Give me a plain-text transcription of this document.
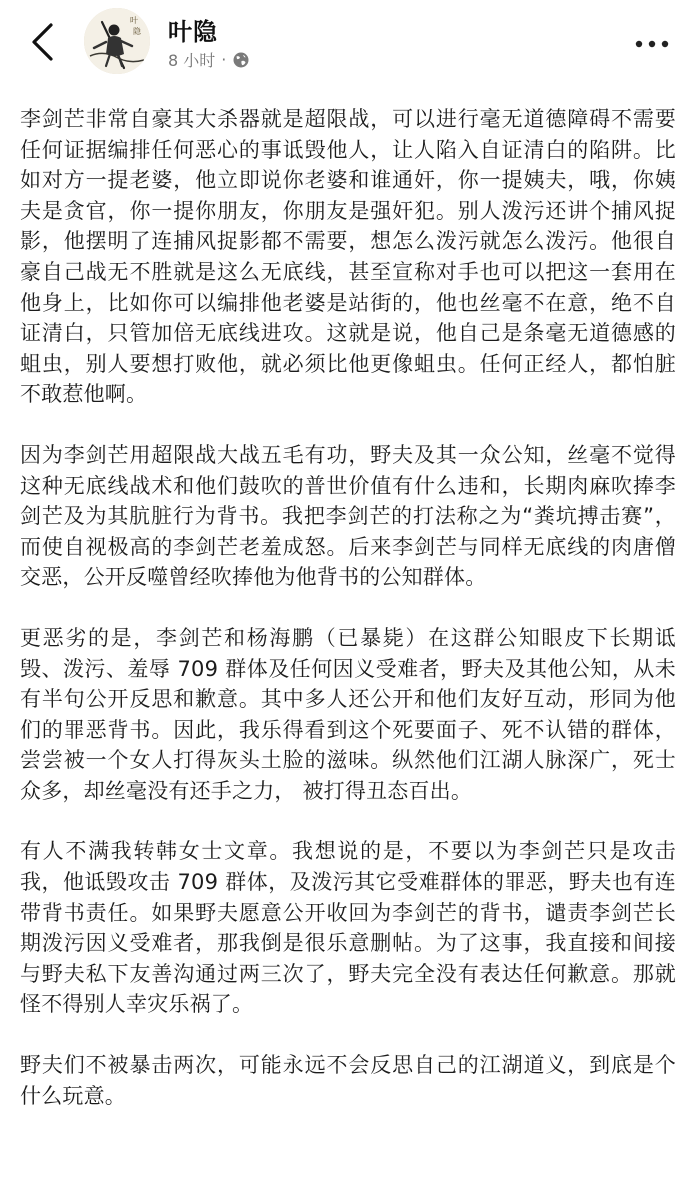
叶
隐 叶隐
8 小时 ·

李剑芒非常自豪其大杀器就是超限战，可以进行毫无道德障碍不需要任何证据编排任何恶心的事诋毁他人，让人陷入自证清白的陷阱。比如对方一提老婆，他立即说你老婆和谁通奸，你一提姨夫，哦，你姨夫是贪官，你一提你朋友，你朋友是强奸犯。别人泼污还讲个捕风捉影，他摆明了连捕风捉影都不需要，想怎么泼污就怎么泼污。他很自豪自己战无不胜就是这么无底线，甚至宣称对手也可以把这一套用在他身上，比如你可以编排他老婆是站街的，他也丝毫不在意，绝不自证清白，只管加倍无底线进攻。这就是说，他自己是条毫无道德感的蛆虫，别人要想打败他，就必须比他更像蛆虫。任何正经人，都怕脏不敢惹他啊。

因为李剑芒用超限战大战五毛有功，野夫及其一众公知，丝毫不觉得这种无底线战术和他们鼓吹的普世价值有什么违和，长期肉麻吹捧李剑芒及为其肮脏行为背书。我把李剑芒的打法称之为“粪坑搏击赛”，而使自视极高的李剑芒老羞成怒。后来李剑芒与同样无底线的肉唐僧交恶，公开反噬曾经吹捧他为他背书的公知群体。

更恶劣的是，李剑芒和杨海鹏（已暴毙）在这群公知眼皮下长期诋毁、泼污、羞辱 709 群体及任何因义受难者，野夫及其他公知，从未有半句公开反思和歉意。其中多人还公开和他们友好互动，形同为他们的罪恶背书。因此，我乐得看到这个死要面子、死不认错的群体，尝尝被一个女人打得灰头土脸的滋味。纵然他们江湖人脉深广，死士众多，却丝毫没有还手之力， 被打得丑态百出。

有人不满我转韩女士文章。我想说的是，不要以为李剑芒只是攻击我，他诋毁攻击 709 群体，及泼污其它受难群体的罪恶，野夫也有连带背书责任。如果野夫愿意公开收回为李剑芒的背书，谴责李剑芒长期泼污因义受难者，那我倒是很乐意删帖。为了这事，我直接和间接与野夫私下友善沟通过两三次了，野夫完全没有表达任何歉意。那就怪不得别人幸灾乐祸了。

野夫们不被暴击两次，可能永远不会反思自己的江湖道义，到底是个什么玩意。
